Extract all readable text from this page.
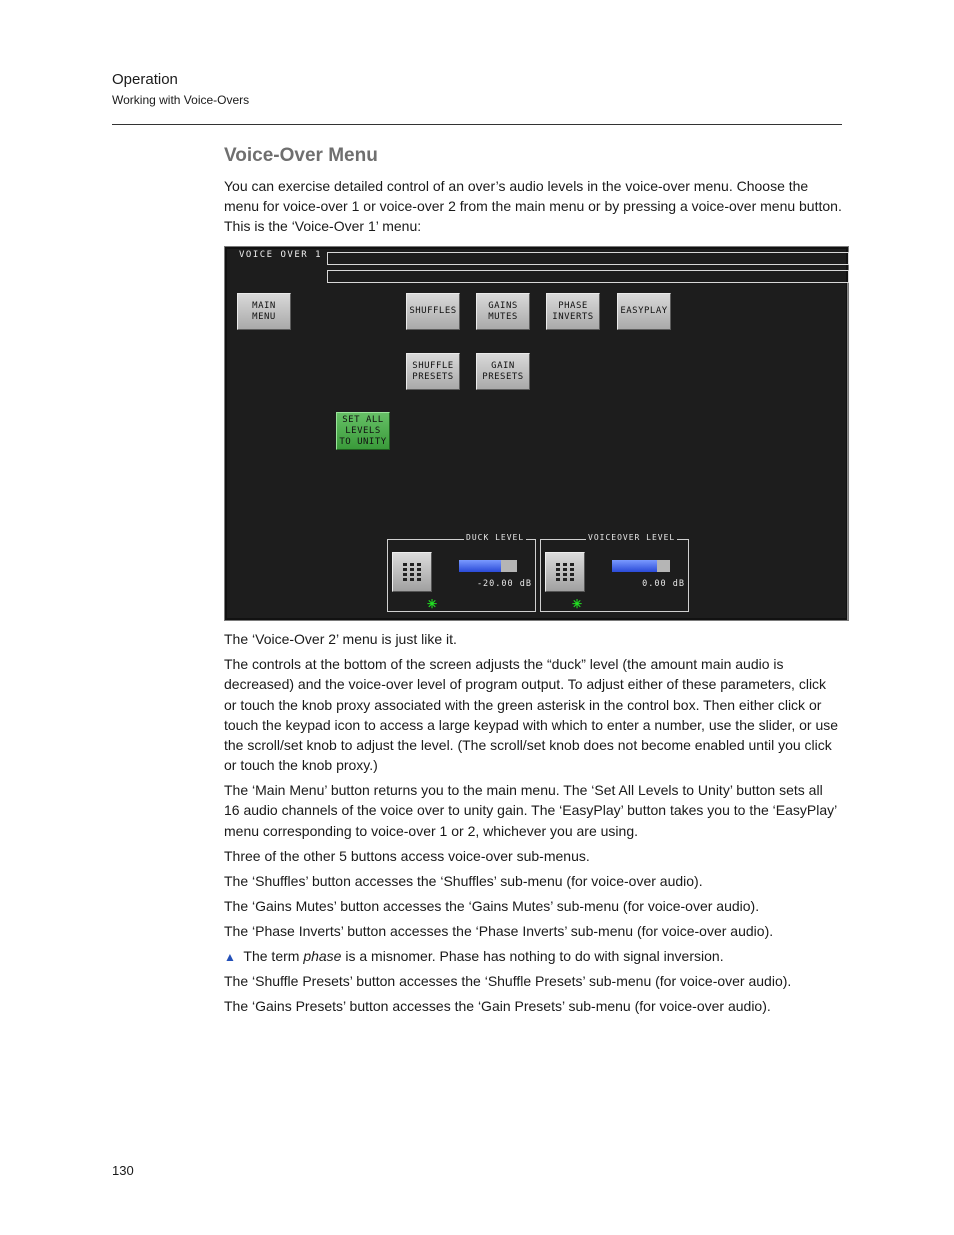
Operation
Working with Voice-Overs
Voice-Over Menu

You can exercise detailed control of an over’s audio levels in the voice-over menu. Choose the menu for voice-over 1 or voice-over 2 from the main menu or by pressing a voice-over menu button. This is the ‘Voice-Over 1’ menu:

VOICE OVER 1
MAIN
MENU
SHUFFLES
GAINS
MUTES
PHASE
INVERTS
EASYPLAY
SHUFFLE
PRESETS
GAIN
PRESETS
SET ALL
LEVELS
TO UNITY
DUCK LEVEL
-20.00 dB
✳
VOICEOVER LEVEL
0.00 dB
✳

The ‘Voice-Over 2’ menu is just like it.

The controls at the bottom of the screen adjusts the “duck” level (the amount main audio is decreased) and the voice-over level of program output. To adjust either of these parameters, click or touch the knob proxy associated with the green asterisk in the control box. Then either click or touch the keypad icon to access a large keypad with which to enter a number, use the slider, or use the scroll/set knob to adjust the level. (The scroll/set knob does not become enabled until you click or touch the knob proxy.)

The ‘Main Menu’ button returns you to the main menu. The ‘Set All Levels to Unity’ button sets all 16 audio channels of the voice over to unity gain. The ‘EasyPlay’ button takes you to the ‘EasyPlay’ menu corresponding to voice-over 1 or 2, whichever you are using.

Three of the other 5 buttons access voice-over sub-menus.

The ‘Shuffles’ button accesses the ‘Shuffles’ sub-menu (for voice-over audio).

The ‘Gains Mutes’ button accesses the ‘Gains Mutes’ sub-menu (for voice-over audio).

The ‘Phase Inverts’ button accesses the ‘Phase Inverts’ sub-menu (for voice-over audio).

▲ The term phase is a misnomer. Phase has nothing to do with signal inversion.

The ‘Shuffle Presets’ button accesses the ‘Shuffle Presets’ sub-menu (for voice-over audio).

The ‘Gains Presets’ button accesses the ‘Gain Presets’ sub-menu (for voice-over audio).

130
